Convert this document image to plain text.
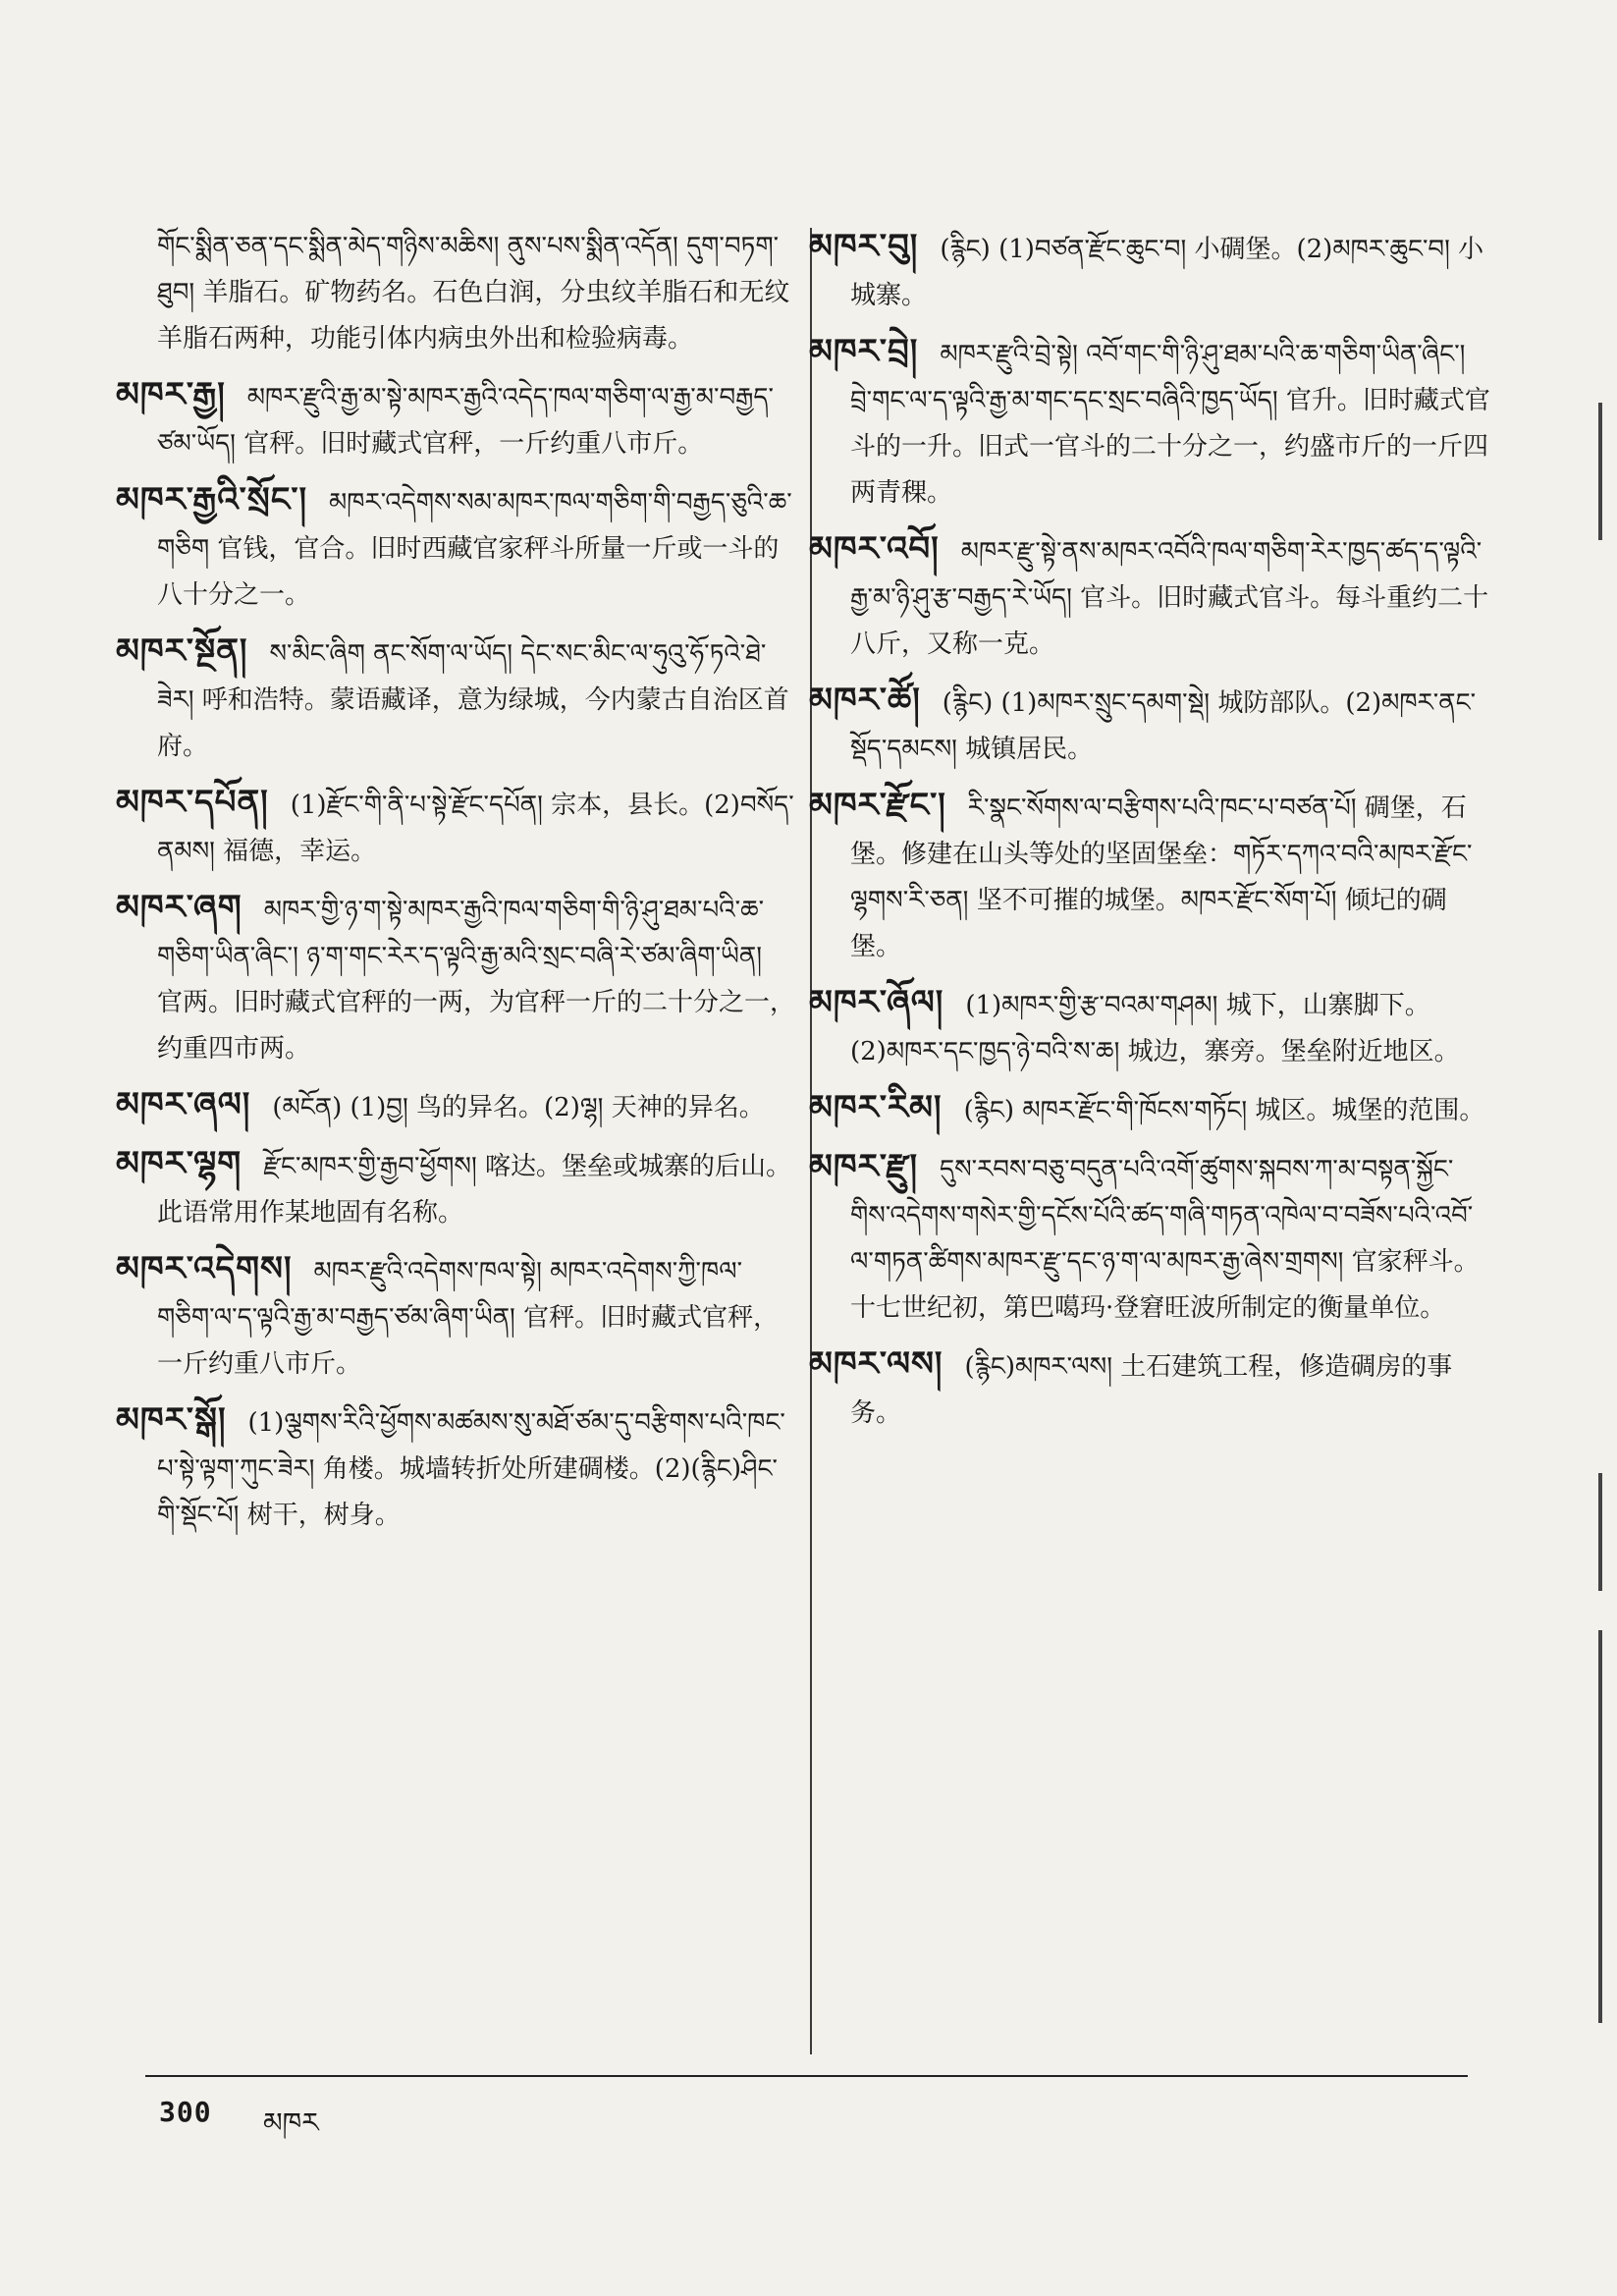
གོང་སྨིན་ཅན་དང་སྨིན་མེད་གཉིས་མཆིས། ནུས་པས་སྨིན་འདོན། དུག་བཏག་ཐུབ། 羊脂石。矿物药名。石色白润，分虫纹羊脂石和无纹羊脂石两种，功能引体内病虫外出和检验病毒。
མཁར་རྒྱ། མཁར་རྫུའི་རྒྱ་མ་སྟེ་མཁར་རྒྱའི་འདེད་ཁལ་གཅིག་ལ་རྒྱ་མ་བརྒྱད་ཙམ་ཡོད། 官秤。旧时藏式官秤，一斤约重八市斤。
མཁར་རྒྱའི་སྲོང་། མཁར་འདེགས་སམ་མཁར་ཁལ་གཅིག་གི་བརྒྱད་ཅུའི་ཆ་གཅིག 官钱，官合。旧时西藏官家秤斗所量一斤或一斗的八十分之一。
མཁར་སྔོན། ས་མིང་ཞིག ནང་སོག་ལ་ཡོད། དེང་སང་མིང་ལ་ཧུའུ་ཧོ་ཏའེ་ཐེ་ཟེར། 呼和浩特。蒙语藏译，意为绿城，今内蒙古自治区首府。
མཁར་དཔོན། (1)རྫོང་གི་ནི་པ་སྟེ་རྫོང་དཔོན། 宗本，县长。(2)བསོད་ནམས། 福德，幸运。
མཁར་ཞག མཁར་གྱི་ཉ་ག་སྟེ་མཁར་རྒྱའི་ཁལ་གཅིག་གི་ཉི་ཤུ་ཐམ་པའི་ཆ་གཅིག་ཡིན་ཞིང་། ཉ་ག་གང་རེར་ད་ལྟའི་རྒྱ་མའི་སྲང་བཞི་རེ་ཙམ་ཞིག་ཡིན། 官两。旧时藏式官秤的一两，为官秤一斤的二十分之一，约重四市两。
མཁར་ཞལ། (མངོན) (1)བྱ། 鸟的异名。(2)ལྷ། 天神的异名。
མཁར་ལྷག རྫོང་མཁར་གྱི་རྒྱབ་ཕྱོགས། 喀达。堡垒或城寨的后山。此语常用作某地固有名称。
མཁར་འདེགས། མཁར་རྫུའི་འདེགས་ཁལ་སྟེ། མཁར་འདེགས་ཀྱི་ཁལ་གཅིག་ལ་ད་ལྟའི་རྒྱ་མ་བརྒྱད་ཙམ་ཞིག་ཡིན། 官秤。旧时藏式官秤，一斤约重八市斤。
མཁར་སྒོ། (1)ལྕགས་རིའི་ཕྱོགས་མཚམས་སུ་མཐོ་ཙམ་དུ་བརྩིགས་པའི་ཁང་པ་སྟེ་ལྟག་ཀུང་ཟེར། 角楼。城墙转折处所建碉楼。(2)(རྙིང)ཤིང་གི་སྡོང་པོ། 树干，树身。
མཁར་བུ། (རྙིང) (1)བཙན་རྫོང་ཆུང་བ། 小碉堡。(2)མཁར་ཆུང་བ། 小城寨。
མཁར་བྲེ། མཁར་རྫུའི་བྲེ་སྟེ། འབོ་གང་གི་ཉི་ཤུ་ཐམ་པའི་ཆ་གཅིག་ཡིན་ཞིང་། བྲེ་གང་ལ་ད་ལྟའི་རྒྱ་མ་གང་དང་སྲང་བཞིའི་ཁྱད་ཡོད། 官升。旧时藏式官斗的一升。旧式一官斗的二十分之一，约盛市斤的一斤四两青稞。
མཁར་འབོ། མཁར་རྫུ་སྟེ་ནས་མཁར་འབོའི་ཁལ་གཅིག་རེར་ཁྱད་ཚད་ད་ལྟའི་རྒྱ་མ་ཉི་ཤུ་རྩ་བརྒྱད་རེ་ཡོད། 官斗。旧时藏式官斗。每斗重约二十八斤，又称一克。
མཁར་ཚོ། (རྙིང) (1)མཁར་སྲུང་དམག་སྡེ། 城防部队。(2)མཁར་ནང་སྡོད་དམངས། 城镇居民。
མཁར་རྫོང་། རི་སྣང་སོགས་ལ་བརྩིགས་པའི་ཁང་པ་བཙན་པོ། 碉堡，石堡。修建在山头等处的坚固堡垒：གཏོར་དཀའ་བའི་མཁར་རྫོང་ལྷགས་རི་ཅན། 坚不可摧的城堡。མཁར་རྫོང་སོག་པོ། 倾圮的碉堡。
མཁར་ཞོལ། (1)མཁར་གྱི་རྩ་བའམ་གཤམ། 城下，山寨脚下。(2)མཁར་དང་ཁྱད་ཉེ་བའི་ས་ཆ། 城边，寨旁。堡垒附近地区。
མཁར་རིམ། (རྙིང) མཁར་རྫོང་གི་ཁོངས་གཏོང། 城区。城堡的范围。
མཁར་རྫུ། དུས་རབས་བཅུ་བདུན་པའི་འགོ་ཚུགས་སྐབས་ཀ་མ་བསྟན་སྐྱོང་གིས་འདེགས་གསེར་གྱི་དངོས་པོའི་ཚད་གཞི་གཏན་འཁེལ་བ་བཟོས་པའི་འབོ་ལ་གཏན་ཚིགས་མཁར་རྫུ་དང་ཉ་ག་ལ་མཁར་རྒྱ་ཞེས་གྲགས། 官家秤斗。十七世纪初，第巴噶玛·登窘旺波所制定的衡量单位。
མཁར་ལས། (རྙིང)མཁར་ལས། 土石建筑工程，修造碉房的事务。
300 མཁར
